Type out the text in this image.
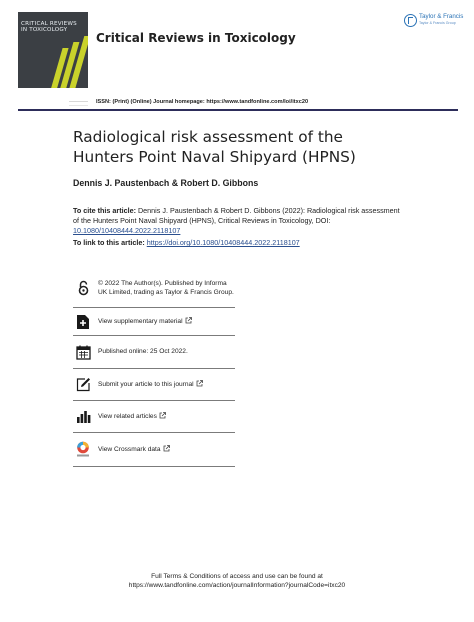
CRITICAL REVIEWS IN TOXICOLOGY
Critical Reviews in Toxicology
Taylor & Francis
Taylor & Francis Group
ISSN: (Print) (Online) Journal homepage: https://www.tandfonline.com/loi/itxc20
Radiological risk assessment of the Hunters Point Naval Shipyard (HPNS)
Dennis J. Paustenbach & Robert D. Gibbons
To cite this article: Dennis J. Paustenbach & Robert D. Gibbons (2022): Radiological risk assessment of the Hunters Point Naval Shipyard (HPNS), Critical Reviews in Toxicology, DOI: 10.1080/10408444.2022.2118107
To link to this article: https://doi.org/10.1080/10408444.2022.2118107
© 2022 The Author(s). Published by Informa UK Limited, trading as Taylor & Francis Group.
View supplementary material
Published online: 25 Oct 2022.
Submit your article to this journal
View related articles
View Crossmark data
Full Terms & Conditions of access and use can be found at
https://www.tandfonline.com/action/journalInformation?journalCode=itxc20
